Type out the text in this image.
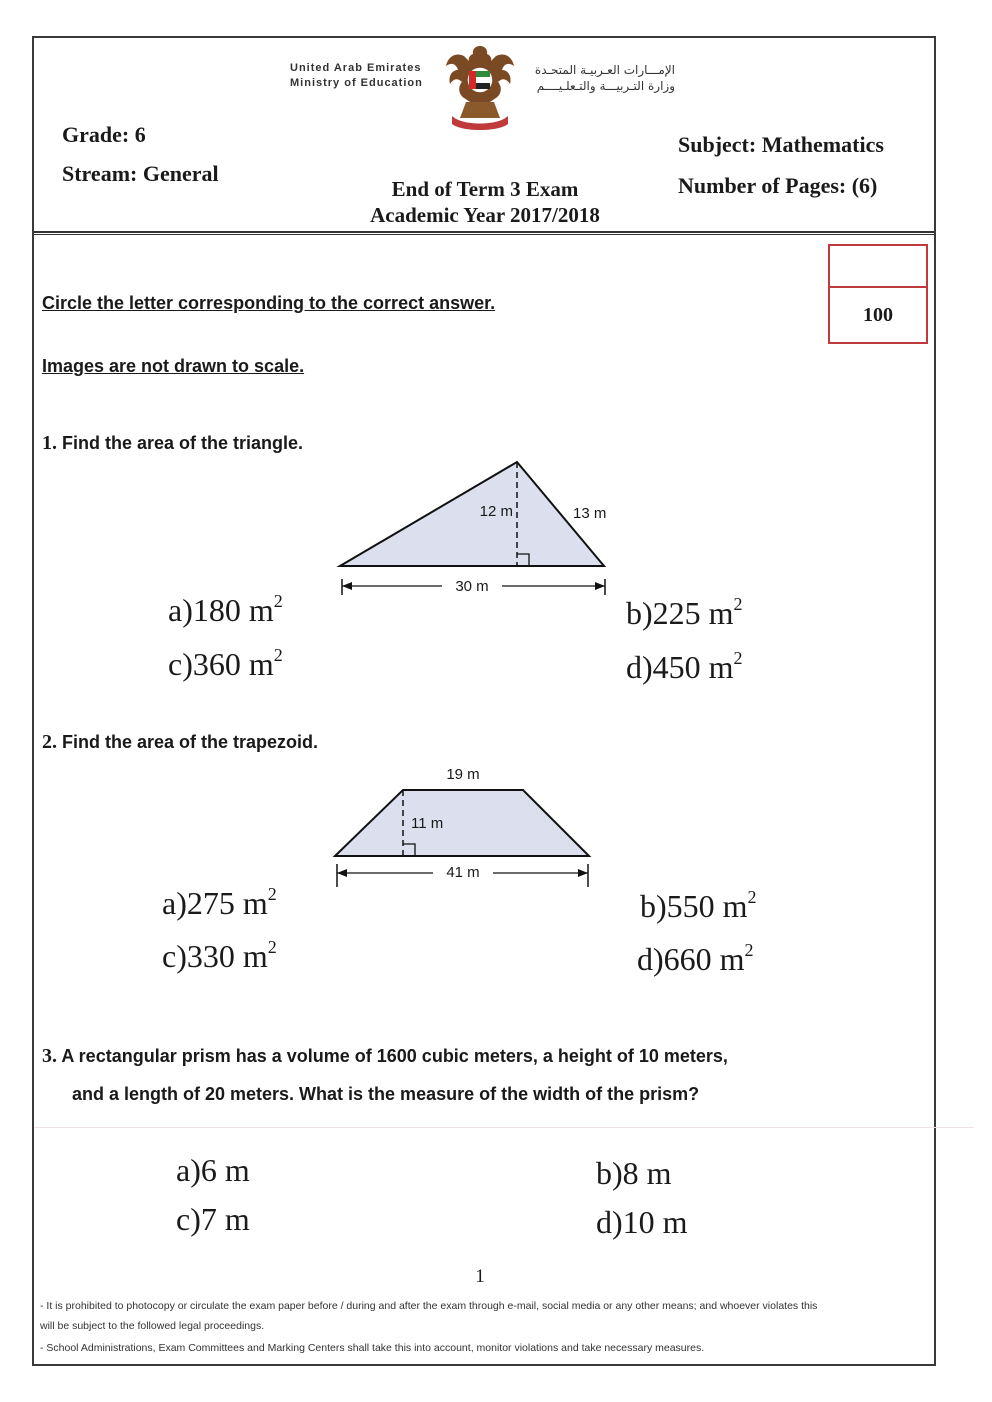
United Arab Emirates
Ministry of Education
الإمـــارات العـربيـة المتحـدة
وزارة التـربيـــة والتـعلـيــــم
Grade: 6
Stream: General
End of Term 3 Exam
Academic Year 2017/2018
Subject: Mathematics
Number of Pages: (6)
100
Circle the letter corresponding to the correct answer.
Images are not drawn to scale.
1. Find the area of the triangle.
12 m	13 m
30 m
a)180 $m^2$	b)225 $m^2$
c)360 $m^2$	d)450 $m^2$
2. Find the area of the trapezoid.
19 m
11 m
41 m
a)275 $m^2$	b)550 $m^2$
c)330 $m^2$	d)660 $m^2$
3. A rectangular prism has a volume of 1600 cubic meters, a height of 10 meters,
and a length of 20 meters. What is the measure of the width of the prism?
a)6 m	b)8 m
c)7 m	d)10 m
1
- It is prohibited to photocopy or circulate the exam paper before / during and after the exam through e-mail, social media or any other means; and whoever violates this
will be subject to the followed legal proceedings.
- School Administrations, Exam Committees and Marking Centers shall take this into account, monitor violations and take necessary measures.
